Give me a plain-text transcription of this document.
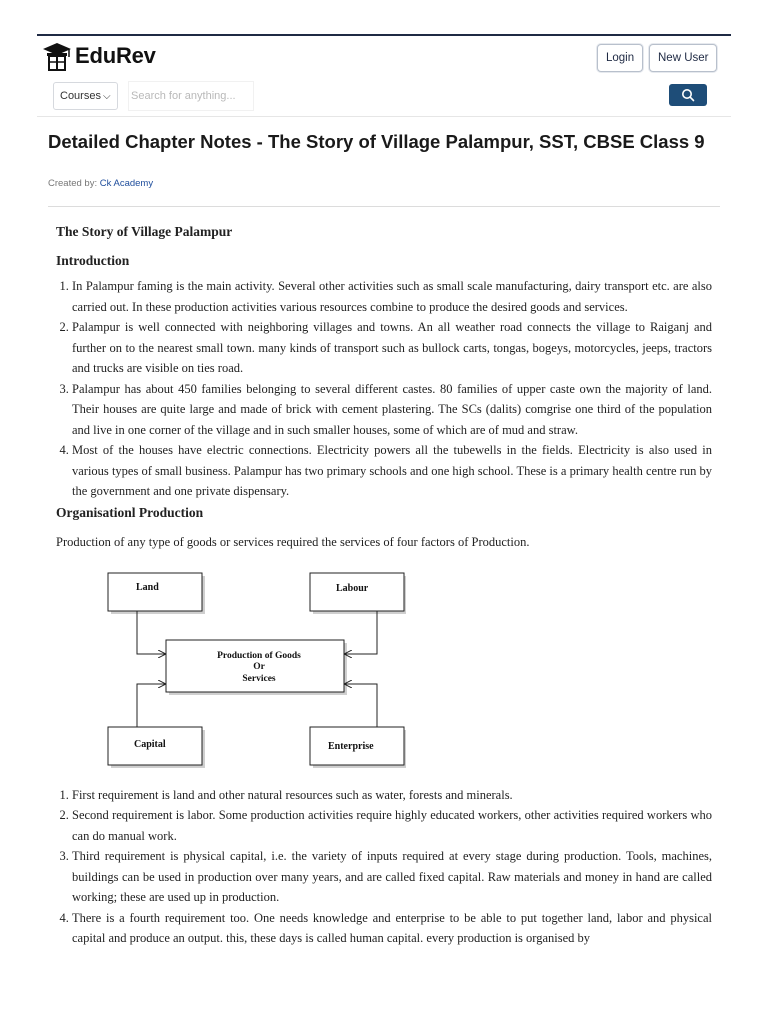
EduRev	Login	New User
Courses ⌵
Search for anything...
Detailed Chapter Notes - The Story of Village Palampur, SST, CBSE Class 9
Created by: Ck Academy
The Story of Village Palampur
Introduction
1. In Palampur faming is the main activity. Several other activities such as small scale manufacturing, dairy transport etc. are also carried out. In these production activities various resources combine to produce the desired goods and services.
2. Palampur is well connected with neighboring villages and towns. An all weather road connects the village to Raiganj and further on to the nearest small town. many kinds of transport such as bullock carts, tongas, bogeys, motorcycles, jeeps, tractors and trucks are visible on ties road.
3. Palampur has about 450 families belonging to several different castes. 80 families of upper caste own the majority of land. Their houses are quite large and made of brick with cement plastering. The SCs (dalits) comgrise one third of the population and live in one corner of the village and in such smaller houses, some of which are of mud and straw.
4. Most of the houses have electric connections. Electricity powers all the tubewells in the fields. Electricity is also used in various types of small business. Palampur has two primary schools and one high school. These is a primary health centre run by the government and one private dispensary.
Organisationl Production

Production of any type of goods or services required the services of four factors of Production.

Land	Labour
Production of Goods
Or
Services
Capital	Enterprise
1. First requirement is land and other natural resources such as water, forests and minerals.
2. Second requirement is labor. Some production activities require highly educated workers, other activities required workers who can do manual work.
3. Third requirement is physical capital, i.e. the variety of inputs required at every stage during production. Tools, machines, buildings can be used in production over many years, and are called fixed capital. Raw materials and money in hand are called working; these are used up in production.
4. There is a fourth requirement too. One needs knowledge and enterprise to be able to put together land, labor and physical capital and produce an output. this, these days is called human capital. every production is organised by
